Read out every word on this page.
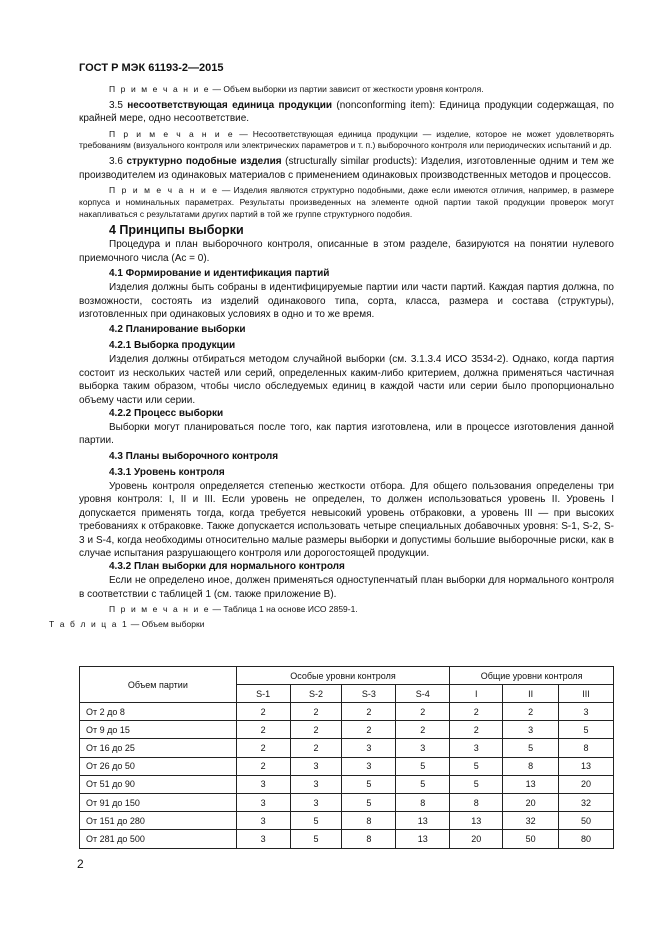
ГОСТ Р МЭК 61193-2—2015

П р и м е ч а н и е — Объем выборки из партии зависит от жесткости уровня контроля.

3.5 несоответствующая единица продукции (nonconforming item): Единица продукции содержащая, по крайней мере, одно несоответствие.

П р и м е ч а н и е — Несоответствующая единица продукции — изделие, которое не может удовлетворять требованиям (визуального контроля или электрических параметров и т. п.) выборочного контроля или периодических испытаний и др.

3.6 структурно подобные изделия (structurally similar products): Изделия, изготовленные одним и тем же производителем из одинаковых материалов с применением одинаковых производственных методов и процессов.

П р и м е ч а н и е — Изделия являются структурно подобными, даже если имеются отличия, например, в размере корпуса и номинальных параметрах. Результаты произведенных на элементе одной партии такой продукции проверок могут накапливаться с результатами других партий в той же группе структурного подобия.

4 Принципы выборки

Процедура и план выборочного контроля, описанные в этом разделе, базируются на понятии нулевого приемочного числа (Ас = 0).

4.1 Формирование и идентификация партий

Изделия должны быть собраны в идентифицируемые партии или части партий. Каждая партия должна, по возможности, состоять из изделий одинакового типа, сорта, класса, размера и состава (структуры), изготовленных при одинаковых условиях в одно и то же время.

4.2 Планирование выборки

4.2.1 Выборка продукции

Изделия должны отбираться методом случайной выборки (см. 3.1.3.4 ИСО 3534-2). Однако, когда партия состоит из нескольких частей или серий, определенных каким-либо критерием, должна применяться частичная выборка таким образом, чтобы число обследуемых единиц в каждой части или серии было пропорционально объему части или серии.

4.2.2 Процесс выборки

Выборки могут планироваться после того, как партия изготовлена, или в процессе изготовления данной партии.

4.3 Планы выборочного контроля

4.3.1 Уровень контроля

Уровень контроля определяется степенью жесткости отбора. Для общего пользования определены три уровня контроля: I, II и III. Если уровень не определен, то должен использоваться уровень II. Уровень I допускается применять тогда, когда требуется невысокий уровень отбраковки, а уровень III — при высоких требованиях к отбраковке. Также допускается использовать четыре специальных добавочных уровня: S-1, S-2, S-3 и S-4, когда необходимы относительно малые размеры выборки и допустимы большие выборочные риски, как в случае испытания разрушающего контроля или дорогостоящей продукции.

4.3.2 План выборки для нормального контроля

Если не определено иное, должен применяться одноступенчатый план выборки для нормального контроля в соответствии с таблицей 1 (см. также приложение В).

П р и м е ч а н и е — Таблица 1 на основе ИСО 2859-1.

Т а б л и ц а 1 — Объем выборки

Объем партии	Особые уровни контроля				Общие уровни контроля		
	S-1	S-2	S-3	S-4	I	II	III
От 2 до 8	2	2	2	2	2	2	3
От 9 до 15	2	2	2	2	2	3	5
От 16 до 25	2	2	3	3	3	5	8
От 26 до 50	2	3	3	5	5	8	13
От 51 до 90	3	3	5	5	5	13	20
От 91 до 150	3	3	5	8	8	20	32
От 151 до 280	3	5	8	13	13	32	50
От 281 до 500	3	5	8	13	20	50	80
2
